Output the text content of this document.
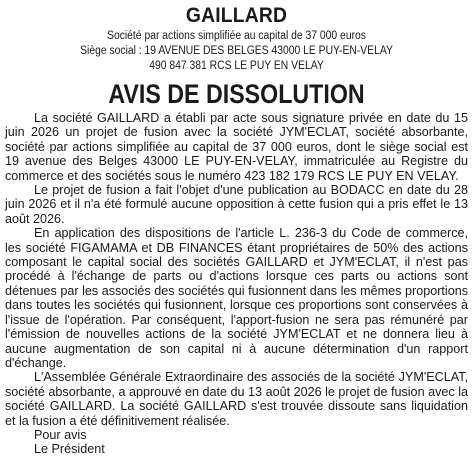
GAILLARD
Société par actions simplifiée au capital de 37 000 euros
Siège social : 19 AVENUE DES BELGES 43000 LE PUY-EN-VELAY
490 847 381 RCS LE PUY EN VELAY
AVIS DE DISSOLUTION

La société GAILLARD a établi par acte sous signature privée en date du 15 juin 2026 un projet de fusion avec la société JYM'ECLAT, société absorbante, société par actions simplifiée au capital de 37 000 euros, dont le siège social est 19 avenue des Belges 43000 LE PUY-EN-VELAY, immatriculée au Registre du commerce et des sociétés sous le numéro 423 182 179 RCS LE PUY EN VELAY.

Le projet de fusion a fait l'objet d'une publication au BODACC en date du 28 juin 2026 et il n'a été formulé aucune opposition à cette fusion qui a pris effet le 13 août 2026.

En application des dispositions de l'article L. 236-3 du Code de commerce, les société FIGAMAMA et DB FINANCES étant propriétaires de 50% des actions composant le capital social des sociétés GAILLARD et JYM'ECLAT, il n'est pas procédé à l'échange de parts ou d'actions lorsque ces parts ou actions sont détenues par les associés des sociétés qui fusionnent dans les mêmes proportions dans toutes les sociétés qui fusionnent, lorsque ces proportions sont conservées à l'issue de l'opération. Par conséquent, l'apport-fusion ne sera pas rémunéré par l'émission de nouvelles actions de la société JYM'ECLAT et ne donnera lieu à aucune augmentation de son capital ni à aucune détermination d'un rapport d'échange.

L'Assemblée Générale Extraordinaire des associés de la société JYM'ECLAT, société absorbante, a approuvé en date du 13 août 2026 le projet de fusion avec la société GAILLARD. La société GAILLARD s'est trouvée dissoute sans liquidation et la fusion a été définitivement réalisée.

Pour avis
Le Président
